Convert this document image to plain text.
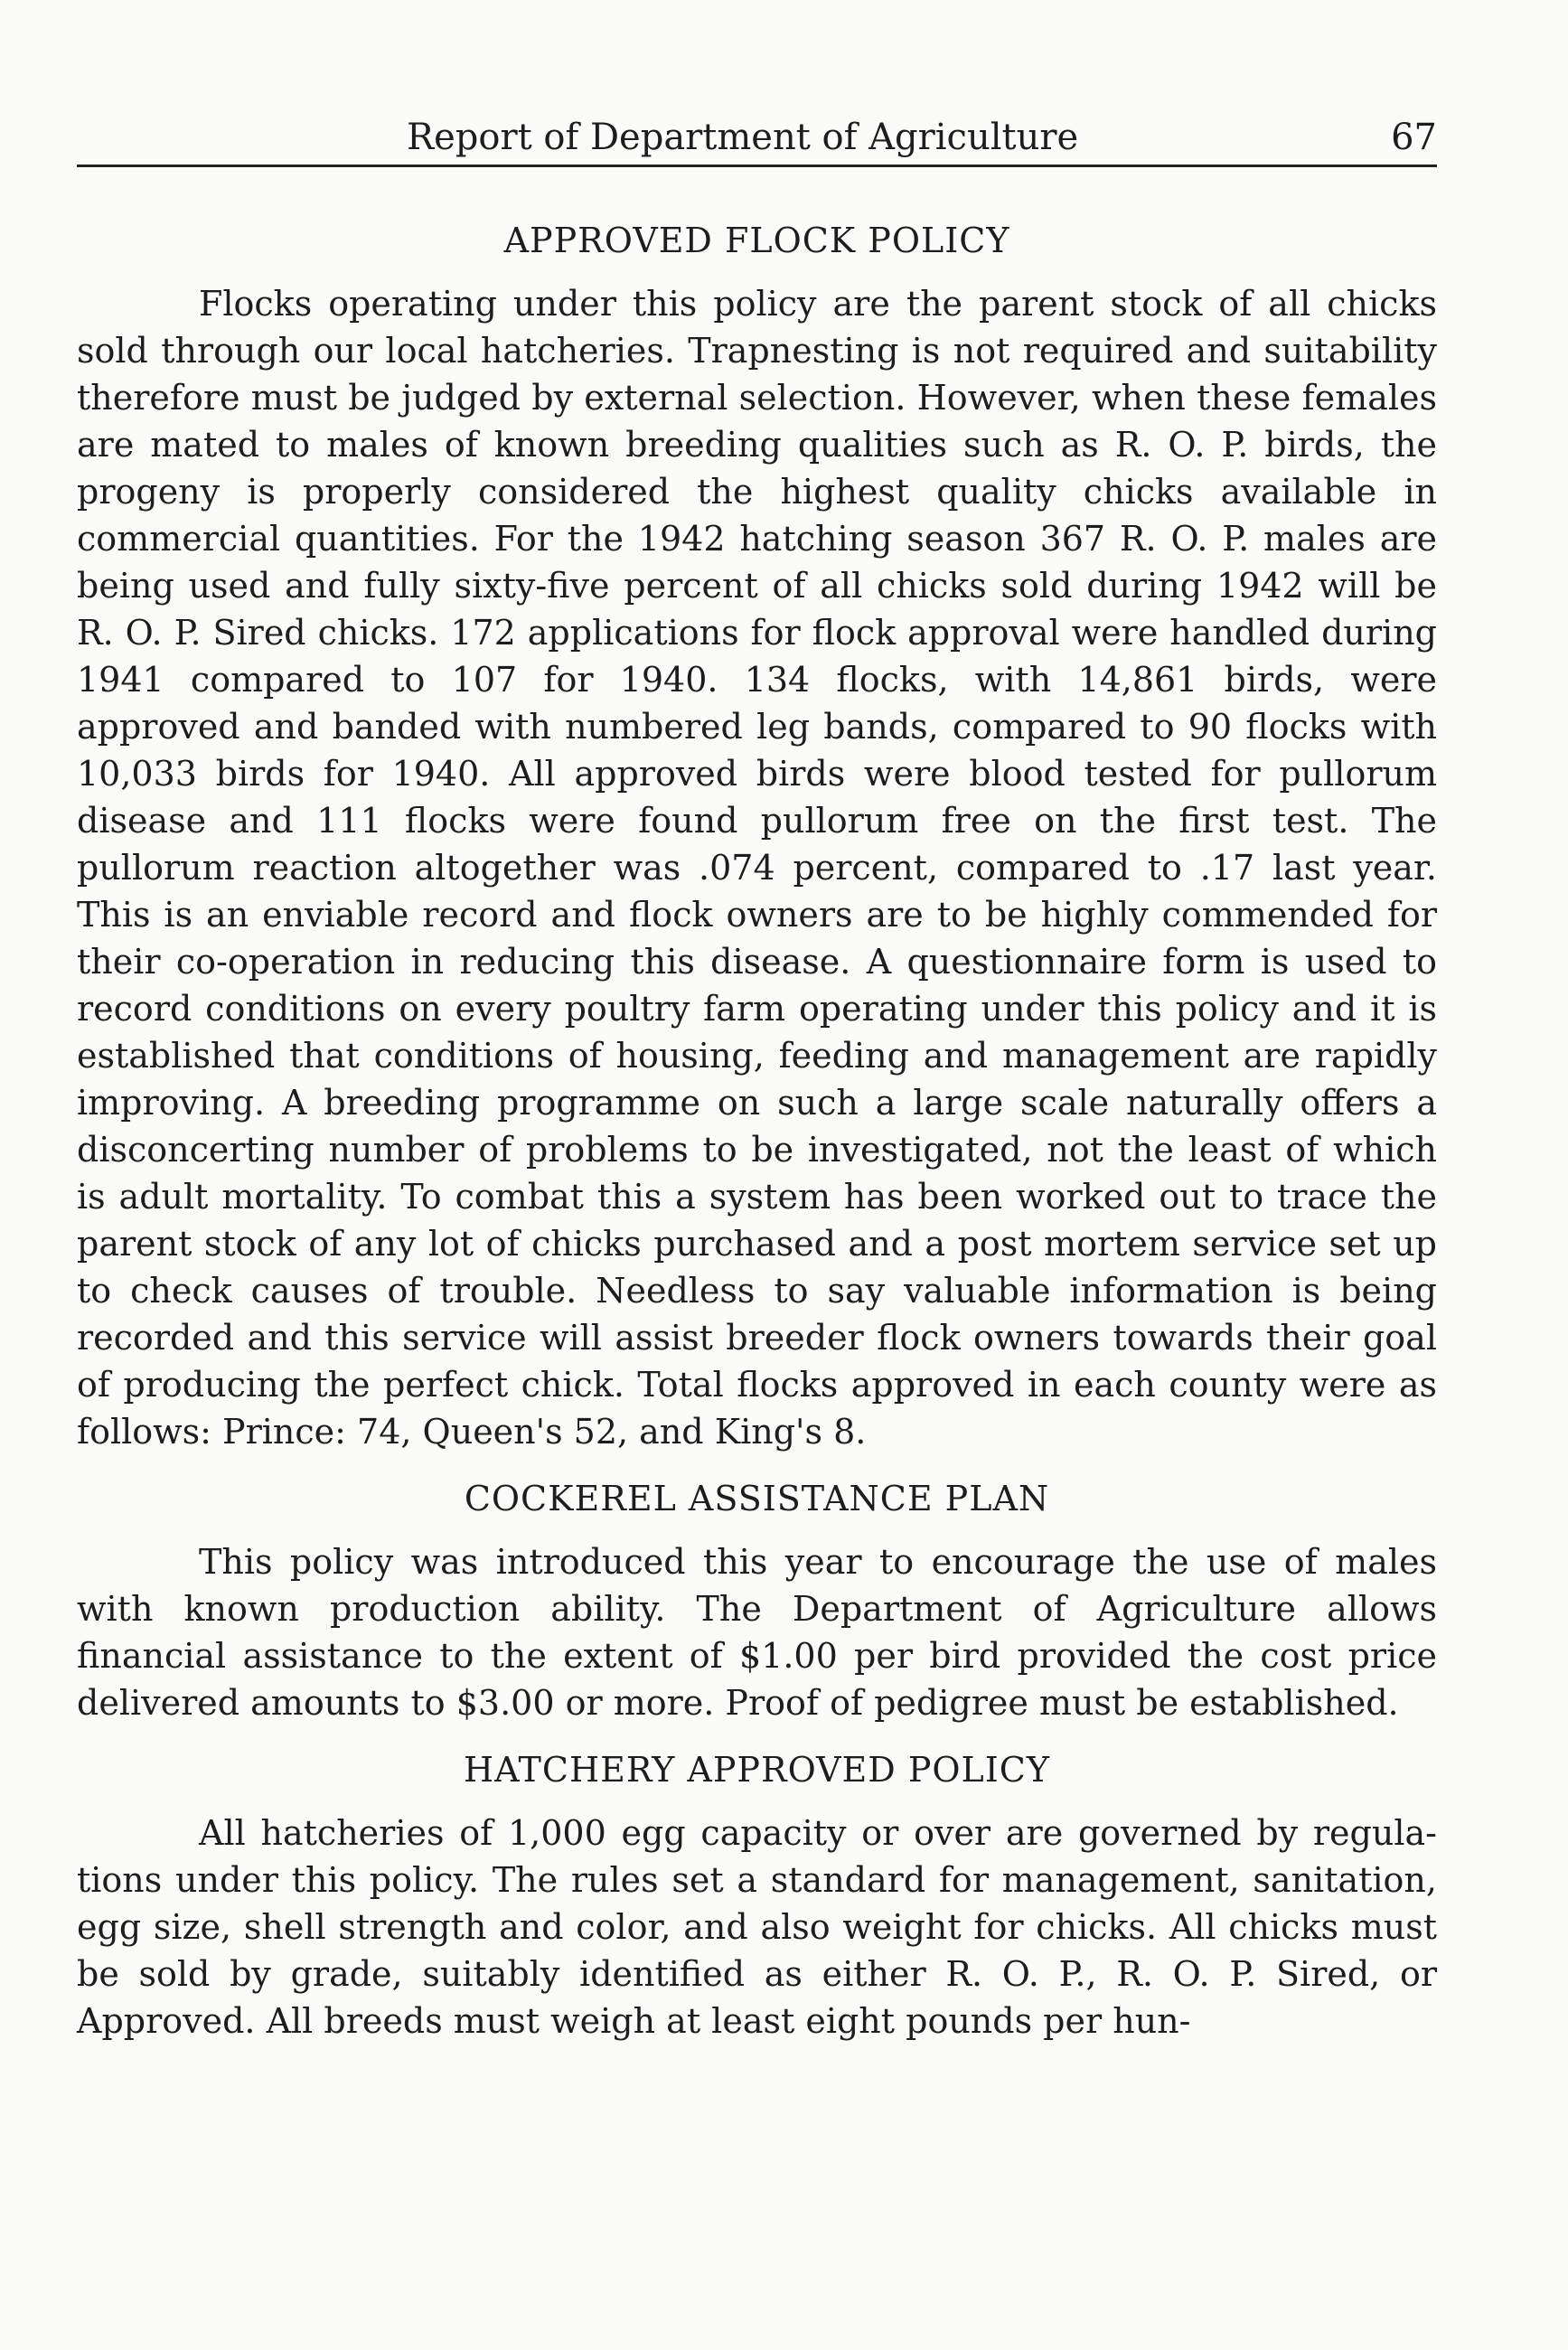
Report of Department of Agriculture	67
APPROVED FLOCK POLICY

Flocks operating under this policy are the parent stock of all chicks sold through our local hatcheries. Trapnesting is not required and suitability therefore must be judged by external selection. However, when these females are mated to males of known breeding qualities such as R. O. P. birds, the progeny is properly considered the highest quality chicks available in commercial quantities. For the 1942 hatching season 367 R. O. P. males are being used and fully sixty-five percent of all chicks sold during 1942 will be R. O. P. Sired chicks. 172 applications for flock approval were handled during 1941 compared to 107 for 1940. 134 flocks, with 14,861 birds, were approved and banded with numbered leg bands, compared to 90 flocks with 10,033 birds for 1940. All approved birds were blood tested for pullorum disease and 111 flocks were found pullorum free on the first test. The pullorum reaction altogether was .074 percent, compared to .17 last year. This is an enviable record and flock owners are to be highly commended for their co-operation in reducing this disease. A questionnaire form is used to record conditions on every poultry farm operating under this policy and it is established that conditions of housing, feeding and management are rapidly improving. A breeding programme on such a large scale naturally offers a disconcerting number of problems to be investigated, not the least of which is adult mortality. To combat this a system has been worked out to trace the parent stock of any lot of chicks purchased and a post mortem service set up to check causes of trouble. Needless to say valuable information is being recorded and this service will assist breeder flock owners towards their goal of producing the perfect chick. Total flocks approved in each county were as follows: Prince: 74, Queen's 52, and King's 8.

COCKEREL ASSISTANCE PLAN

This policy was introduced this year to encourage the use of males with known production ability. The Department of Agriculture allows financial assistance to the extent of $1.00 per bird provided the cost price delivered amounts to $3.00 or more. Proof of pedigree must be established.

HATCHERY APPROVED POLICY

All hatcheries of 1,000 egg capacity or over are governed by regulations under this policy. The rules set a standard for management, sanitation, egg size, shell strength and color, and also weight for chicks. All chicks must be sold by grade, suitably identified as either R. O. P., R. O. P. Sired, or Approved. All breeds must weigh at least eight pounds per hun-
